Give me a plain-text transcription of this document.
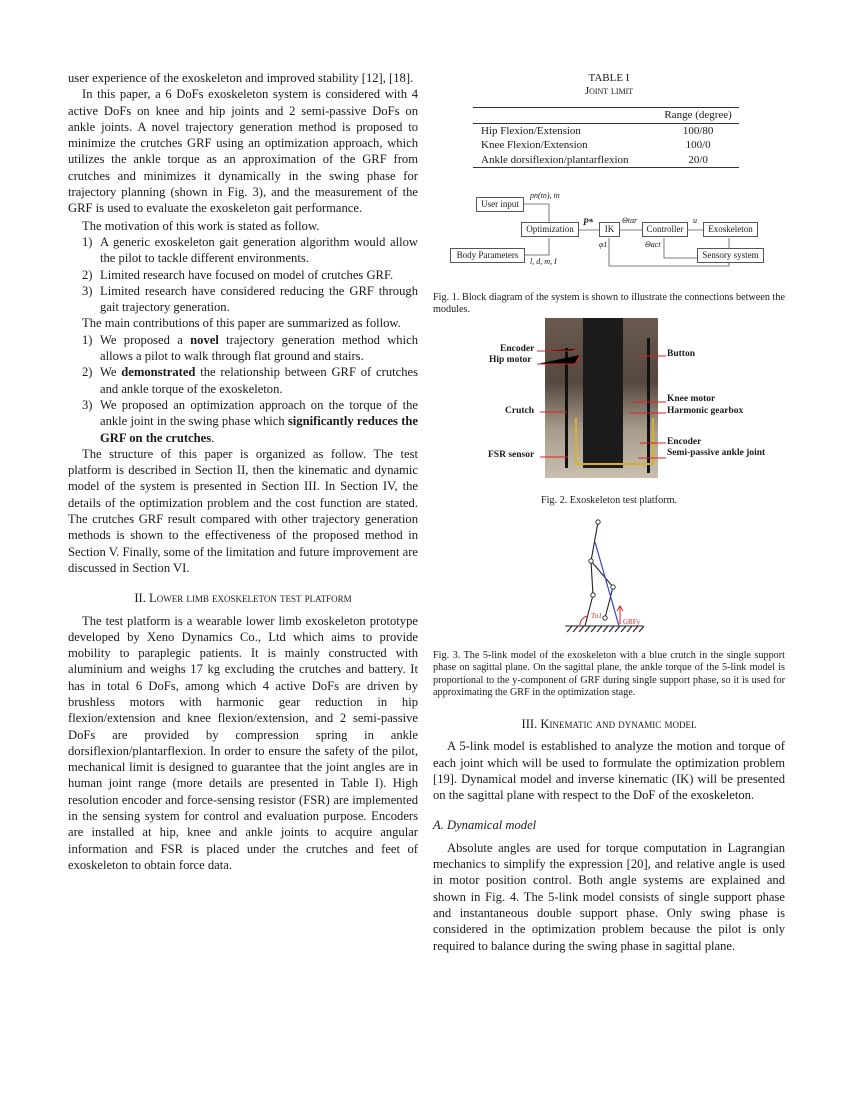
user experience of the exoskeleton and improved stability [12], [18].

In this paper, a 6 DoFs exoskeleton system is considered with 4 active DoFs on knee and hip joints and 2 semi-passive DoFs on ankle joints. A novel trajectory generation method is proposed to minimize the crutches GRF using an optimization approach, which utilizes the ankle torque as an approximation of the GRF from crutches and minimizes it dynamically in the swing phase for trajectory planning (shown in Fig. 3), and the measurement of the GRF is used to evaluate the exoskeleton gait performance.

The motivation of this work is stated as follow.

1) A generic exoskeleton gait generation algorithm would allow the pilot to tackle different environments.
2) Limited research have focused on model of crutches GRF.
3) Limited research have considered reducing the GRF through gait trajectory generation.

The main contributions of this paper are summarized as follow.

1) We proposed a novel trajectory generation method which allows a pilot to walk through flat ground and stairs.
2) We demonstrated the relationship between GRF of crutches and ankle torque of the exoskeleton.
3) We proposed an optimization approach on the torque of the ankle joint in the swing phase which significantly reduces the GRF on the crutches.

The structure of this paper is organized as follow. The test platform is described in Section II, then the kinematic and dynamic model of the system is presented in Section III. In Section IV, the details of the optimization problem and the cost function are stated. The crutches GRF result compared with other trajectory generation methods is shown to the effectiveness of the proposed method in Section V. Finally, some of the limitation and future improvement are discussed in Section VI.

II. Lower limb exoskeleton test platform

The test platform is a wearable lower limb exoskeleton prototype developed by Xeno Dynamics Co., Ltd which aims to provide mobility to paraplegic patients. It is mainly constructed with aluminium and weighs 17 kg excluding the crutches and battery. It has in total 6 DoFs, among which 4 active DoFs are driven by brushless motors with harmonic gear reduction in hip flexion/extension and knee flexion/extension, and 2 semi-passive DoFs are provided by compression spring in ankle dorsiflexion/plantarflexion. In order to ensure the safety of the pilot, mechanical limit is designed to guarantee that the joint angles are in human joint range (more details are presented in Table I). High resolution encoder and force-sensing resistor (FSR) are implemented in the sensing system for control and evaluation purpose. Encoders are installed at hip, knee and ankle joints to acquire angular information and FSR is placed under the crutches and feet of exoskeleton to obtain force data.

TABLE I
Joint limit
	Range (degree)
Hip Flexion/Extension	100/80
Knee Flexion/Extension	100/0
Ankle dorsiflexion/plantarflexion	20/0
User input
Optimization	IK	Controller	Exoskeleton
Body Parameters	Sensory system
pn(tn), tn
P*	Θtar	u
φ1	Θact
l, d, m, I
Fig. 1. Block diagram of the system is shown to illustrate the connections between the modules.
Encoder
Hip motor
Crutch
FSR sensor
Button
Knee motor
Harmonic gearbox
Encoder
Semi-passive ankle joint
Fig. 2. Exoskeleton test platform.
Tn1
GRFy
Fig. 3. The 5-link model of the exoskeleton with a blue crutch in the single support phase on sagittal plane. On the sagittal plane, the ankle torque of the 5-link model is proportional to the y-component of GRF during single support phase, so it is used for approximating the GRF in the optimization stage.
III. Kinematic and dynamic model

A 5-link model is established to analyze the motion and torque of each joint which will be used to formulate the optimization problem [19]. Dynamical model and inverse kinematic (IK) will be presented on the sagittal plane with respect to the DoF of the exoskeleton.

A. Dynamical model

Absolute angles are used for torque computation in Lagrangian mechanics to simplify the expression [20], and relative angle is used in motor position control. Both angle systems are explained and shown in Fig. 4. The 5-link model consists of single support phase and instantaneous double support phase. Only swing phase is considered in the optimization problem because the pilot is only required to balance during the swing phase in sagittal plane.
